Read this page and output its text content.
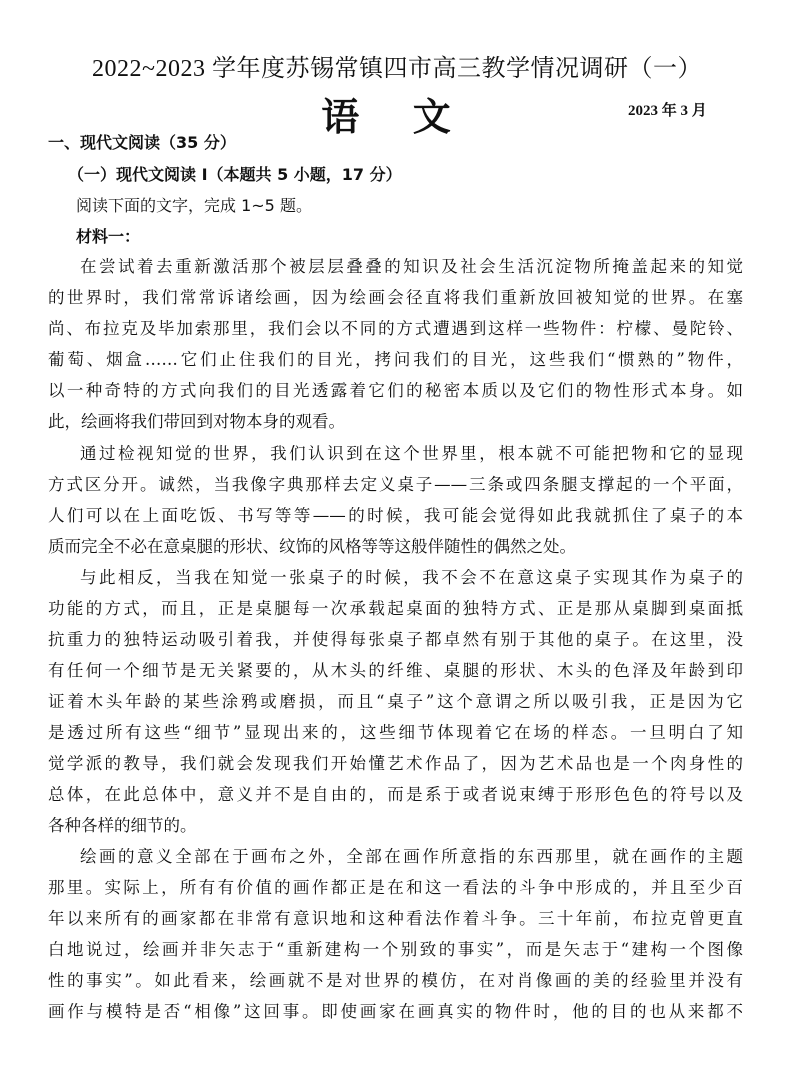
2022~2023 学年度苏锡常镇四市高三教学情况调研（一）
语 文	2023 年 3 月
一、现代文阅读（35 分）
（一）现代文阅读 I（本题共 5 小题，17 分）
阅读下面的文字，完成 1~5 题。
材料一：
在尝试着去重新激活那个被层层叠叠的知识及社会生活沉淀物所掩盖起来的知觉
的世界时，我们常常诉诸绘画，因为绘画会径直将我们重新放回被知觉的世界。在塞
尚、布拉克及毕加索那里，我们会以不同的方式遭遇到这样一些物件：柠檬、曼陀铃、
葡萄、烟盒……它们止住我们的目光，拷问我们的目光，这些我们“惯熟的”物件，
以一种奇特的方式向我们的目光透露着它们的秘密本质以及它们的物性形式本身。如
此，绘画将我们带回到对物本身的观看。
通过检视知觉的世界，我们认识到在这个世界里，根本就不可能把物和它的显现
方式区分开。诚然，当我像字典那样去定义桌子——三条或四条腿支撑起的一个平面，
人们可以在上面吃饭、书写等等——的时候，我可能会觉得如此我就抓住了桌子的本
质而完全不必在意桌腿的形状、纹饰的风格等等这般伴随性的偶然之处。
与此相反，当我在知觉一张桌子的时候，我不会不在意这桌子实现其作为桌子的
功能的方式，而且，正是桌腿每一次承载起桌面的独特方式、正是那从桌脚到桌面抵
抗重力的独特运动吸引着我，并使得每张桌子都卓然有别于其他的桌子。在这里，没
有任何一个细节是无关紧要的，从木头的纤维、桌腿的形状、木头的色泽及年龄到印
证着木头年龄的某些涂鸦或磨损，而且“桌子”这个意谓之所以吸引我，正是因为它
是透过所有这些“细节”显现出来的，这些细节体现着它在场的样态。一旦明白了知
觉学派的教导，我们就会发现我们开始懂艺术作品了，因为艺术品也是一个肉身性的
总体，在此总体中，意义并不是自由的，而是系于或者说束缚于形形色色的符号以及
各种各样的细节的。
绘画的意义全部在于画布之外，全部在画作所意指的东西那里，就在画作的主题
那里。实际上，所有有价值的画作都正是在和这一看法的斗争中形成的，并且至少百
年以来所有的画家都在非常有意识地和这种看法作着斗争。三十年前，布拉克曾更直
白地说过，绘画并非矢志于“重新建构一个别致的事实”，而是矢志于“建构一个图像
性的事实”。如此看来，绘画就不是对世界的模仿，在对肖像画的美的经验里并没有
画作与模特是否“相像”这回事。即使画家在画真实的物件时，他的目的也从来都不
